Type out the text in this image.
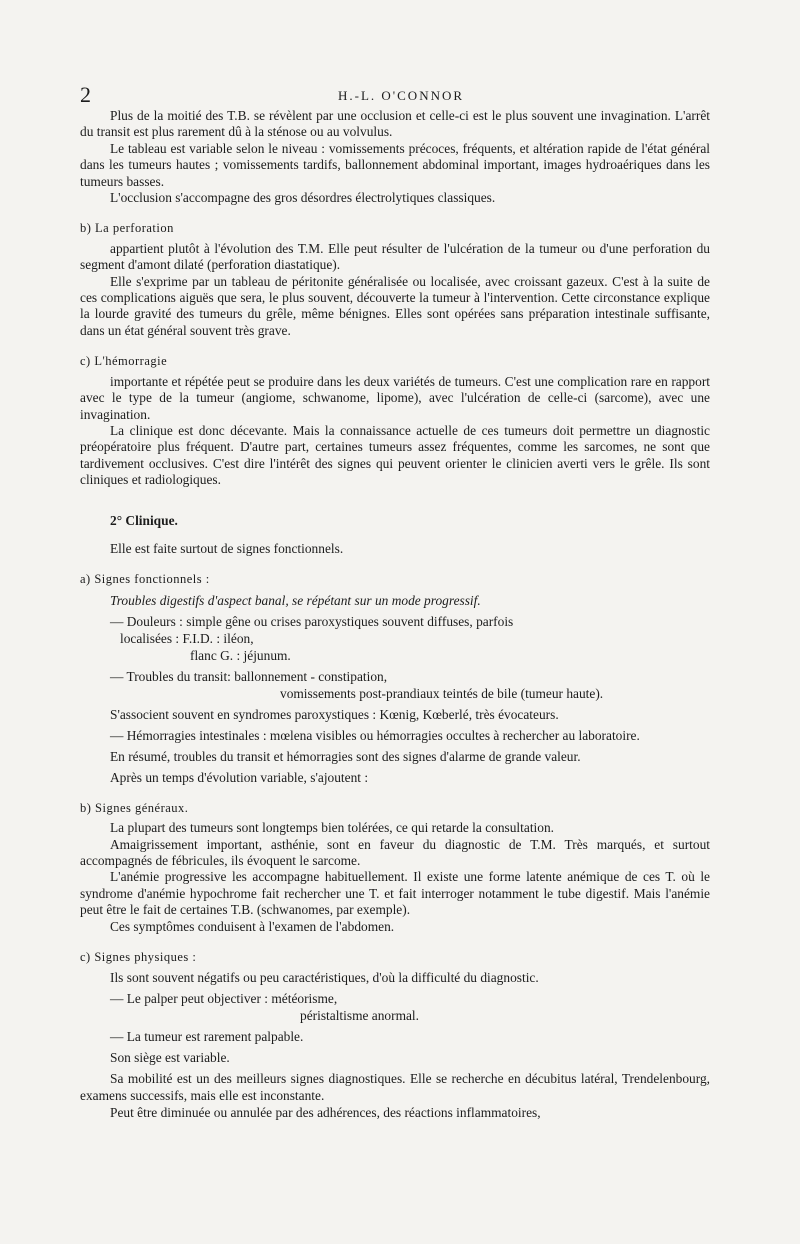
2	H.-L. O'CONNOR

Plus de la moitié des T.B. se révèlent par une occlusion et celle-ci est le plus souvent une invagination. L'arrêt du transit est plus rarement dû à la sténose ou au volvulus.

Le tableau est variable selon le niveau : vomissements précoces, fréquents, et altération rapide de l'état général dans les tumeurs hautes ; vomissements tardifs, ballonnement abdominal important, images hydroaériques dans les tumeurs basses.

L'occlusion s'accompagne des gros désordres électrolytiques classiques.

b) La perforation

appartient plutôt à l'évolution des T.M. Elle peut résulter de l'ulcération de la tumeur ou d'une perforation du segment d'amont dilaté (perforation diastatique).

Elle s'exprime par un tableau de péritonite généralisée ou localisée, avec croissant gazeux. C'est à la suite de ces complications aiguës que sera, le plus souvent, découverte la tumeur à l'intervention. Cette circonstance explique la lourde gravité des tumeurs du grêle, même bénignes. Elles sont opérées sans préparation intestinale suffisante, dans un état général souvent très grave.

c) L'hémorragie

importante et répétée peut se produire dans les deux variétés de tumeurs. C'est une complication rare en rapport avec le type de la tumeur (angiome, schwanome, lipome), avec l'ulcération de celle-ci (sarcome), avec une invagination.

La clinique est donc décevante. Mais la connaissance actuelle de ces tumeurs doit permettre un diagnostic préopératoire plus fréquent. D'autre part, certaines tumeurs assez fréquentes, comme les sarcomes, ne sont que tardivement occlusives. C'est dire l'intérêt des signes qui peuvent orienter le clinicien averti vers le grêle. Ils sont cliniques et radiologiques.

2° Clinique.

Elle est faite surtout de signes fonctionnels.

a) Signes fonctionnels :

Troubles digestifs d'aspect banal, se répétant sur un mode progressif.

— Douleurs : simple gêne ou crises paroxystiques souvent diffuses, parfois

localisées : F.I.D. : iléon,

flanc G. : jéjunum.

— Troubles du transit: ballonnement - constipation,

vomissements post-prandiaux teintés de bile (tumeur haute).

S'associent souvent en syndromes paroxystiques : Kœnig, Kœberlé, très évocateurs.

— Hémorragies intestinales : mœlena visibles ou hémorragies occultes à rechercher au laboratoire.

En résumé, troubles du transit et hémorragies sont des signes d'alarme de grande valeur.

Après un temps d'évolution variable, s'ajoutent :

b) Signes généraux.

La plupart des tumeurs sont longtemps bien tolérées, ce qui retarde la consultation.

Amaigrissement important, asthénie, sont en faveur du diagnostic de T.M. Très marqués, et surtout accompagnés de fébricules, ils évoquent le sarcome.

L'anémie progressive les accompagne habituellement. Il existe une forme latente anémique de ces T. où le syndrome d'anémie hypochrome fait rechercher une T. et fait interroger notamment le tube digestif. Mais l'anémie peut être le fait de certaines T.B. (schwanomes, par exemple).

Ces symptômes conduisent à l'examen de l'abdomen.

c) Signes physiques :

Ils sont souvent négatifs ou peu caractéristiques, d'où la difficulté du diagnostic.

— Le palper peut objectiver : météorisme,

péristaltisme anormal.

— La tumeur est rarement palpable.

Son siège est variable.

Sa mobilité est un des meilleurs signes diagnostiques. Elle se recherche en décubitus latéral, Trendelenbourg, examens successifs, mais elle est inconstante.

Peut être diminuée ou annulée par des adhérences, des réactions inflammatoires,
